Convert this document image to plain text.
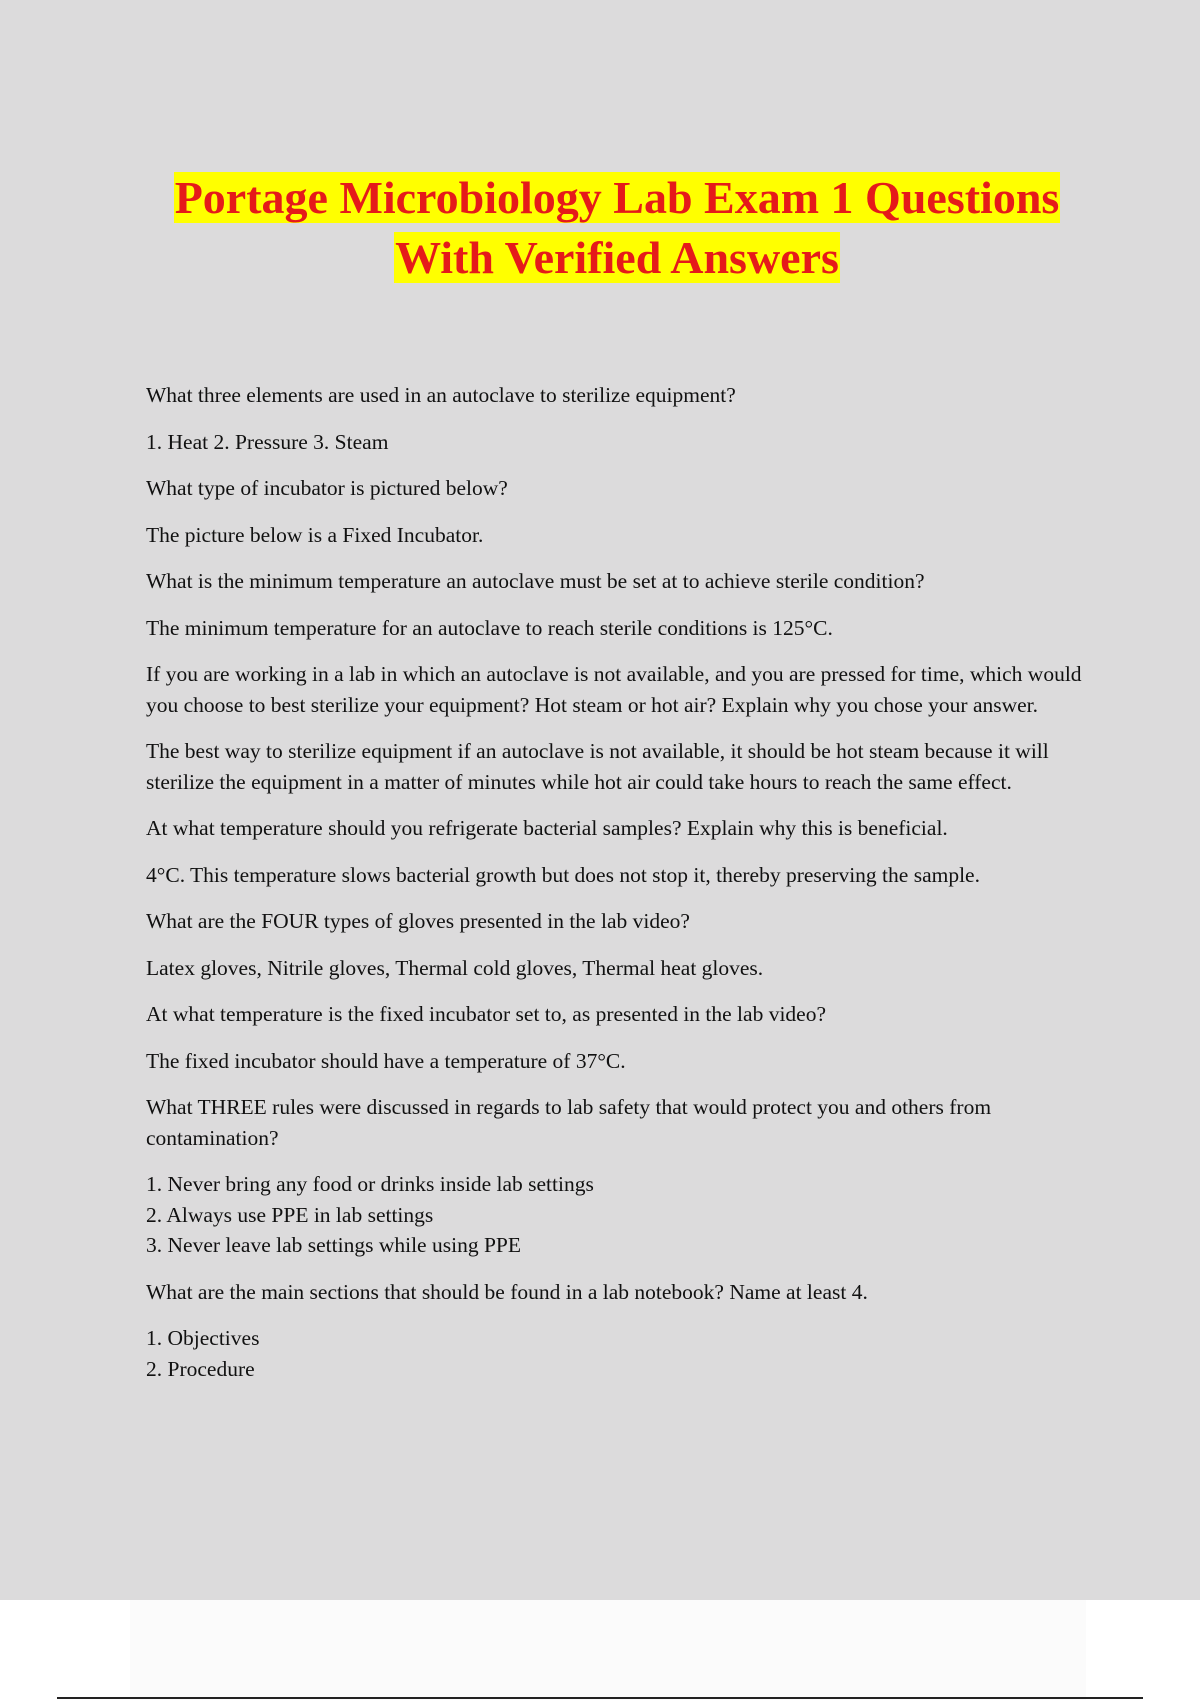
Portage Microbiology Lab Exam 1 Questions
With Verified Answers

What three elements are used in an autoclave to sterilize equipment?

1. Heat 2. Pressure 3. Steam

What type of incubator is pictured below?

The picture below is a Fixed Incubator.

What is the minimum temperature an autoclave must be set at to achieve sterile condition?

The minimum temperature for an autoclave to reach sterile conditions is 125°C.

If you are working in a lab in which an autoclave is not available, and you are pressed for time, which would you choose to best sterilize your equipment? Hot steam or hot air? Explain why you chose your answer.

The best way to sterilize equipment if an autoclave is not available, it should be hot steam because it will sterilize the equipment in a matter of minutes while hot air could take hours to reach the same effect.

At what temperature should you refrigerate bacterial samples? Explain why this is beneficial.

4°C. This temperature slows bacterial growth but does not stop it, thereby preserving the sample.

What are the FOUR types of gloves presented in the lab video?

Latex gloves, Nitrile gloves, Thermal cold gloves, Thermal heat gloves.

At what temperature is the fixed incubator set to, as presented in the lab video?

The fixed incubator should have a temperature of 37°C.

What THREE rules were discussed in regards to lab safety that would protect you and others from contamination?

1. Never bring any food or drinks inside lab settings
2. Always use PPE in lab settings
3. Never leave lab settings while using PPE

What are the main sections that should be found in a lab notebook? Name at least 4.

1. Objectives
2. Procedure
